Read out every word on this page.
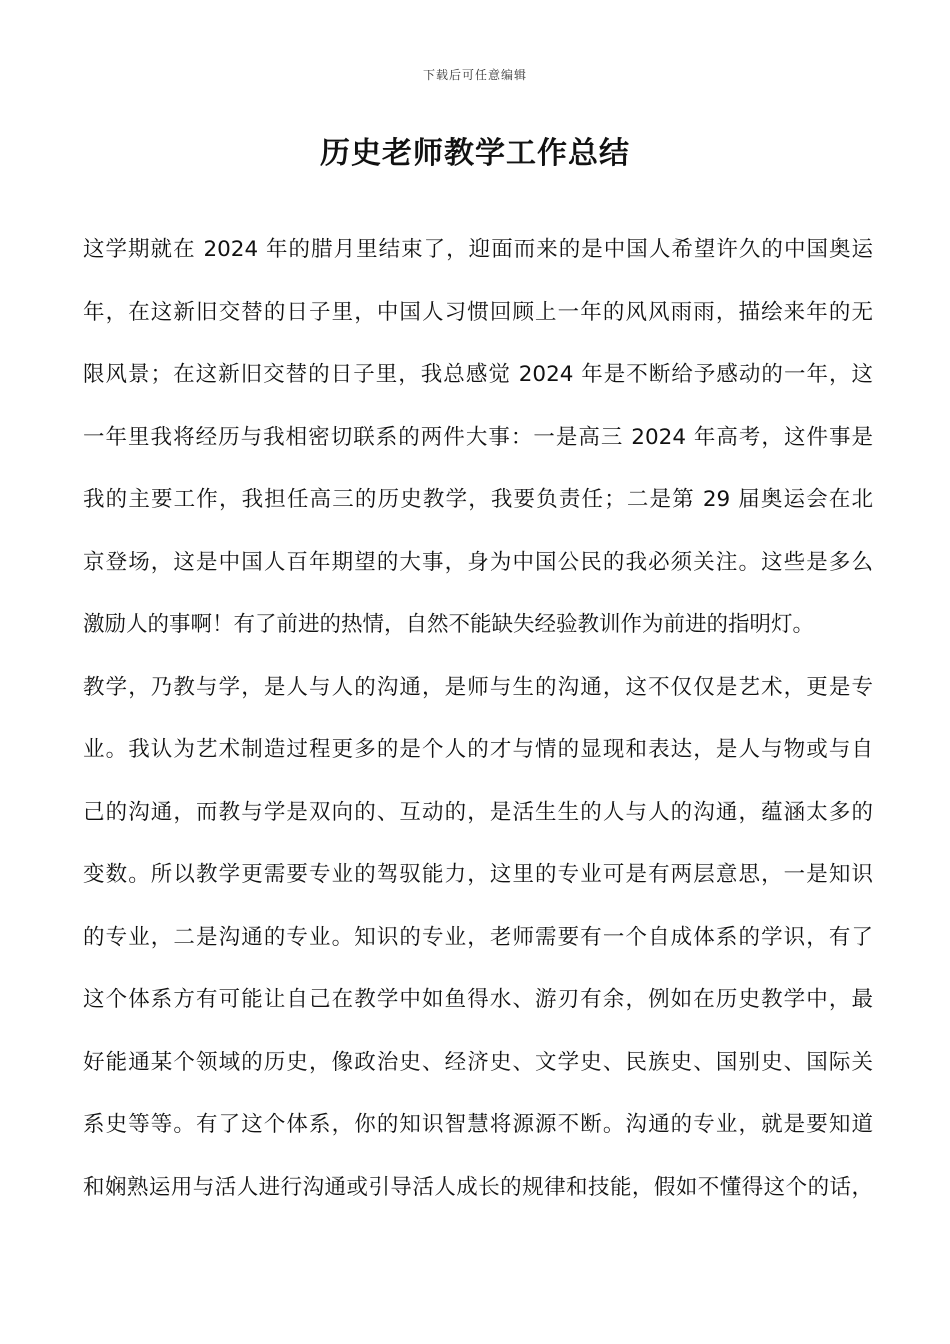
下载后可任意编辑
历史老师教学工作总结
这学期就在 2024 年的腊月里结束了，迎面而来的是中国人希望许久的中国奥运
年，在这新旧交替的日子里，中国人习惯回顾上一年的风风雨雨，描绘来年的无
限风景；在这新旧交替的日子里，我总感觉 2024 年是不断给予感动的一年，这
一年里我将经历与我相密切联系的两件大事：一是高三 2024 年高考，这件事是
我的主要工作，我担任高三的历史教学，我要负责任；二是第 29 届奥运会在北
京登场，这是中国人百年期望的大事，身为中国公民的我必须关注。这些是多么
激励人的事啊！有了前进的热情，自然不能缺失经验教训作为前进的指明灯。
教学，乃教与学，是人与人的沟通，是师与生的沟通，这不仅仅是艺术，更是专
业。我认为艺术制造过程更多的是个人的才与情的显现和表达，是人与物或与自
己的沟通，而教与学是双向的、互动的，是活生生的人与人的沟通，蕴涵太多的
变数。所以教学更需要专业的驾驭能力，这里的专业可是有两层意思，一是知识
的专业，二是沟通的专业。知识的专业，老师需要有一个自成体系的学识，有了
这个体系方有可能让自己在教学中如鱼得水、游刃有余，例如在历史教学中，最
好能通某个领域的历史，像政治史、经济史、文学史、民族史、国别史、国际关
系史等等。有了这个体系，你的知识智慧将源源不断。沟通的专业，就是要知道
和娴熟运用与活人进行沟通或引导活人成长的规律和技能，假如不懂得这个的话，
